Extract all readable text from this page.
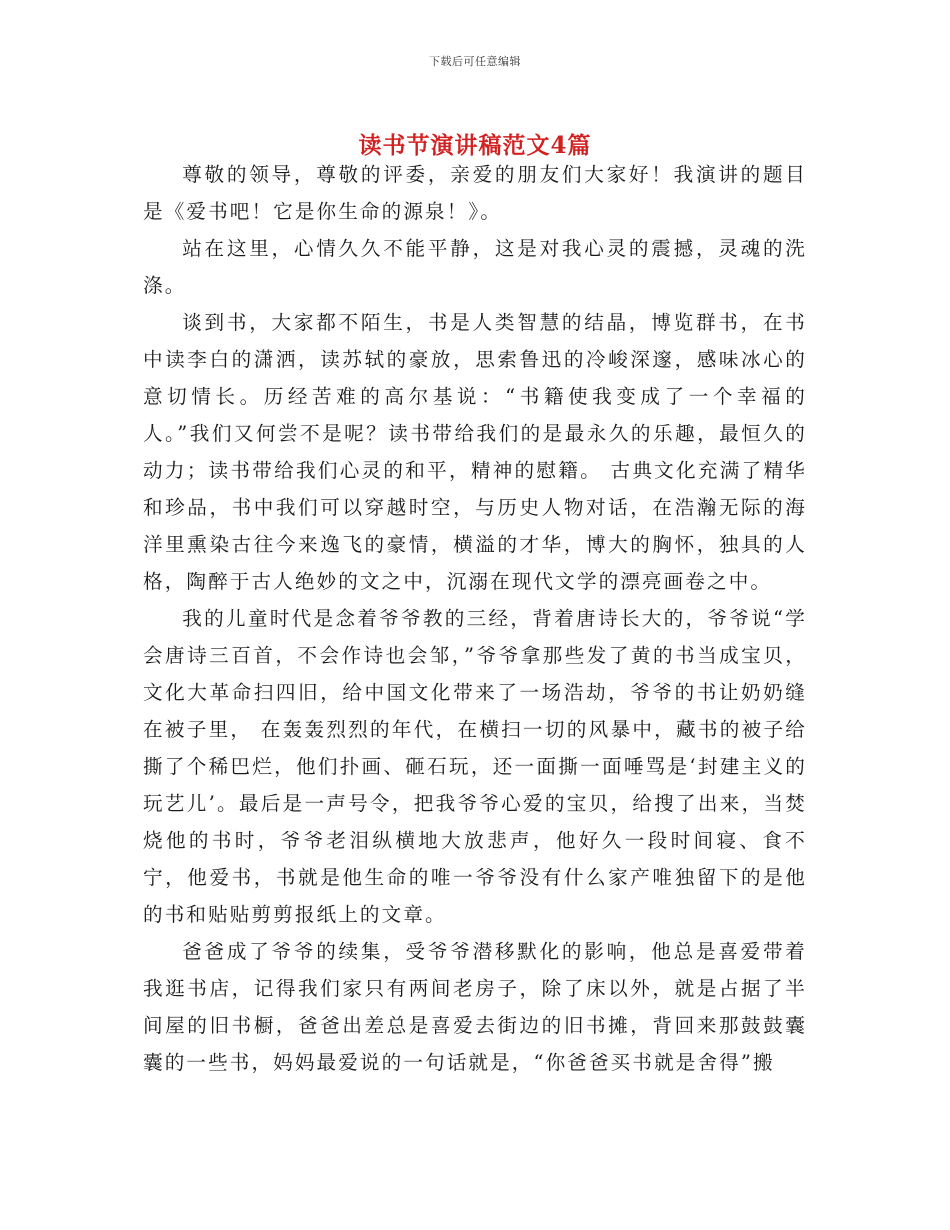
下载后可任意编辑
读书节演讲稿范文4篇

尊敬的领导，尊敬的评委，亲爱的朋友们大家好！我演讲的题目是《爱书吧！它是你生命的源泉！》。

站在这里，心情久久不能平静，这是对我心灵的震撼，灵魂的洗涤。

谈到书，大家都不陌生，书是人类智慧的结晶，博览群书，在书中读李白的潇洒，读苏轼的豪放，思索鲁迅的冷峻深邃，感味冰心的意切情长。历经苦难的高尔基说：“书籍使我变成了一个幸福的人。”我们又何尝不是呢？读书带给我们的是最永久的乐趣，最恒久的动力；读书带给我们心灵的和平，精神的慰籍。 古典文化充满了精华和珍品，书中我们可以穿越时空，与历史人物对话，在浩瀚无际的海洋里熏染古往今来逸飞的豪情，横溢的才华，博大的胸怀，独具的人格，陶醉于古人绝妙的文之中，沉溺在现代文学的漂亮画卷之中。

我的儿童时代是念着爷爷教的三经，背着唐诗长大的，爷爷说“学会唐诗三百首，不会作诗也会邹，”爷爷拿那些发了黄的书当成宝贝，文化大革命扫四旧，给中国文化带来了一场浩劫，爷爷的书让奶奶缝在被子里， 在轰轰烈烈的年代，在横扫一切的风暴中，藏书的被子给撕了个稀巴烂，他们扑画、砸石玩，还一面撕一面唾骂是‘封建主义的玩艺儿’。最后是一声号令，把我爷爷心爱的宝贝，给搜了出来，当焚烧他的书时，爷爷老泪纵横地大放悲声，他好久一段时间寝、食不宁，他爱书，书就是他生命的唯一爷爷没有什么家产唯独留下的是他的书和贴贴剪剪报纸上的文章。

爸爸成了爷爷的续集，受爷爷潜移默化的影响，他总是喜爱带着我逛书店，记得我们家只有两间老房子，除了床以外，就是占据了半间屋的旧书橱，爸爸出差总是喜爱去街边的旧书摊，背回来那鼓鼓囊囊的一些书，妈妈最爱说的一句话就是，“你爸爸买书就是舍得”搬
